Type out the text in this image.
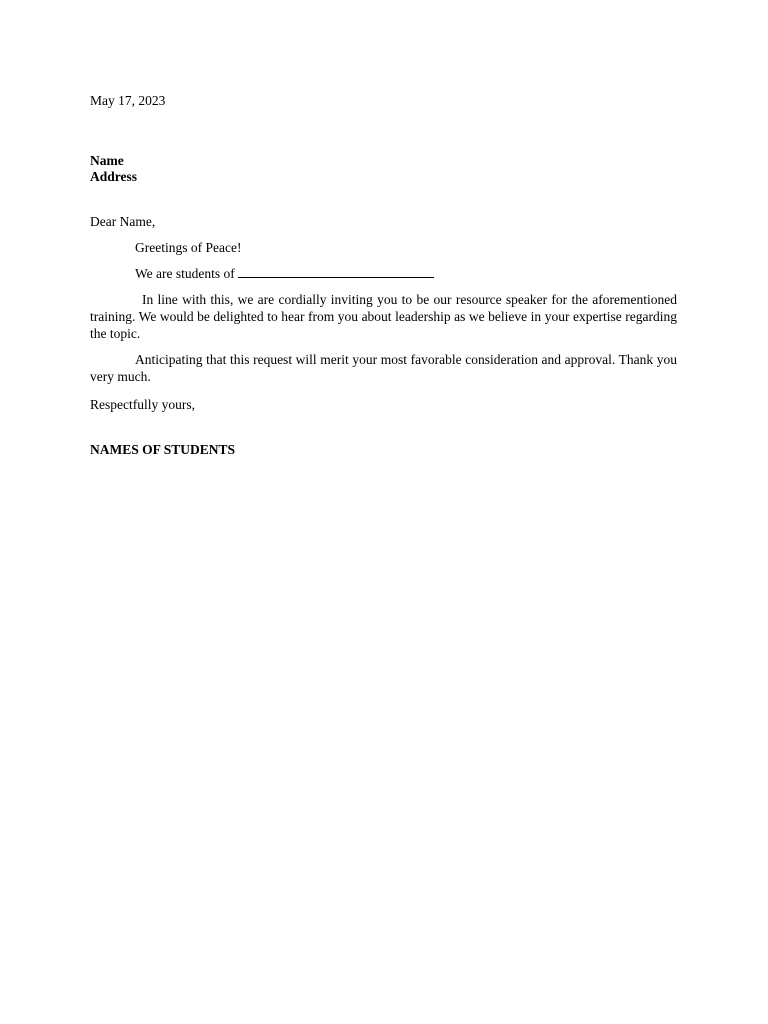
May 17, 2023
Name
Address
Dear Name,
Greetings of Peace!
We are students of
In line with this, we are cordially inviting you to be our resource speaker for the aforementioned training. We would be delighted to hear from you about leadership as we believe in your expertise regarding the topic.
Anticipating that this request will merit your most favorable consideration and approval. Thank you very much.
Respectfully yours,
NAMES OF STUDENTS
